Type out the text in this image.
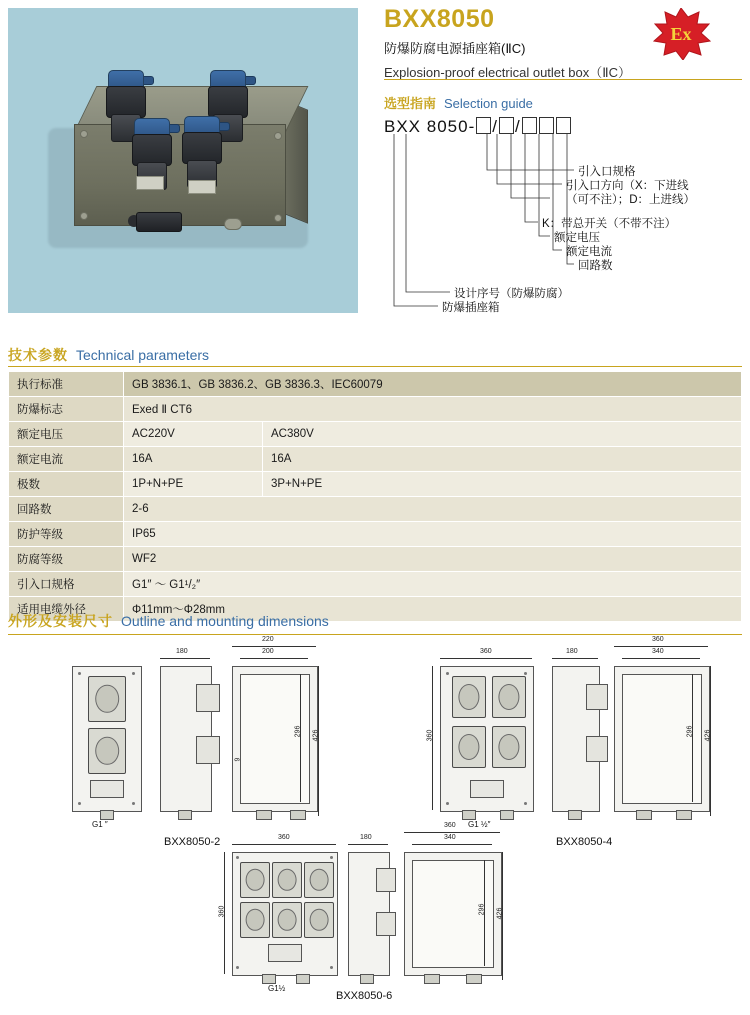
BXX8050
防爆防腐电源插座箱(ⅡC)
Explosion-proof electrical outlet box（ⅡC）
Ex
选型指南 Selection guide
BXX 8050- / /
引入口规格
引入口方向（X：下进线
（可不注）；D：上进线）
K：带总开关（不带不注）
额定电压
额定电流
回路数
设计序号（防爆防腐）
防爆插座箱
技术参数 Technical parameters
执行标准	GB 3836.1、GB 3836.2、GB 3836.3、IEC60079	
防爆标志	Exed Ⅱ CT6	
额定电压	AC220V	AC380V
额定电流	16A	16A
极数	1P+N+PE	3P+N+PE
回路数	2-6	
防护等级	IP65	
防腐等级	WF2	
引入口规格	G1″ ～ G1¹/₂″	
适用电缆外径	Φ11mm～Φ28mm	
外形及安装尺寸 Outline and mounting dimensions
G1 ″
180
220
200
296 426
9
BXX8050-2
G1 ½″
360
360
180
360
340
296 426
BXX8050-4
G1½
360
360
180
360
340
296 426
BXX8050-6
